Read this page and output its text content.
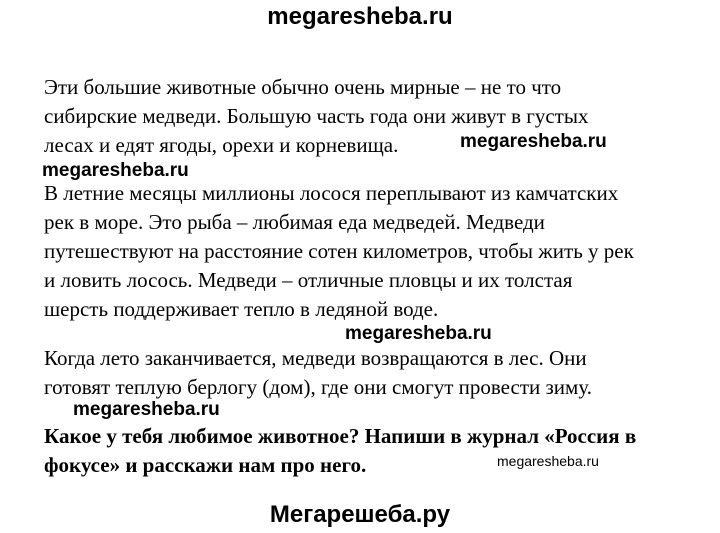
megaresheba.ru
Эти большие животные обычно очень мирные – не то что
сибирские медведи. Большую часть года они живут в густых
лесах и едят ягоды, орехи и корневища.	megaresheba.ru
megaresheba.ru
В летние месяцы миллионы лосося переплывают из камчатских
рек в море. Это рыба – любимая еда медведей. Медведи
путешествуют на расстояние сотен километров, чтобы жить у рек
и ловить лосось. Медведи – отличные пловцы и их толстая
шерсть поддерживает тепло в ледяной воде.
megaresheba.ru
Когда лето заканчивается, медведи возвращаются в лес. Они
готовят теплую берлогу (дом), где они смогут провести зиму.
megaresheba.ru
Какое у тебя любимое животное? Напиши в журнал «Россия в
фокусе» и расскажи нам про него.	megaresheba.ru
Мегарешеба.ру
